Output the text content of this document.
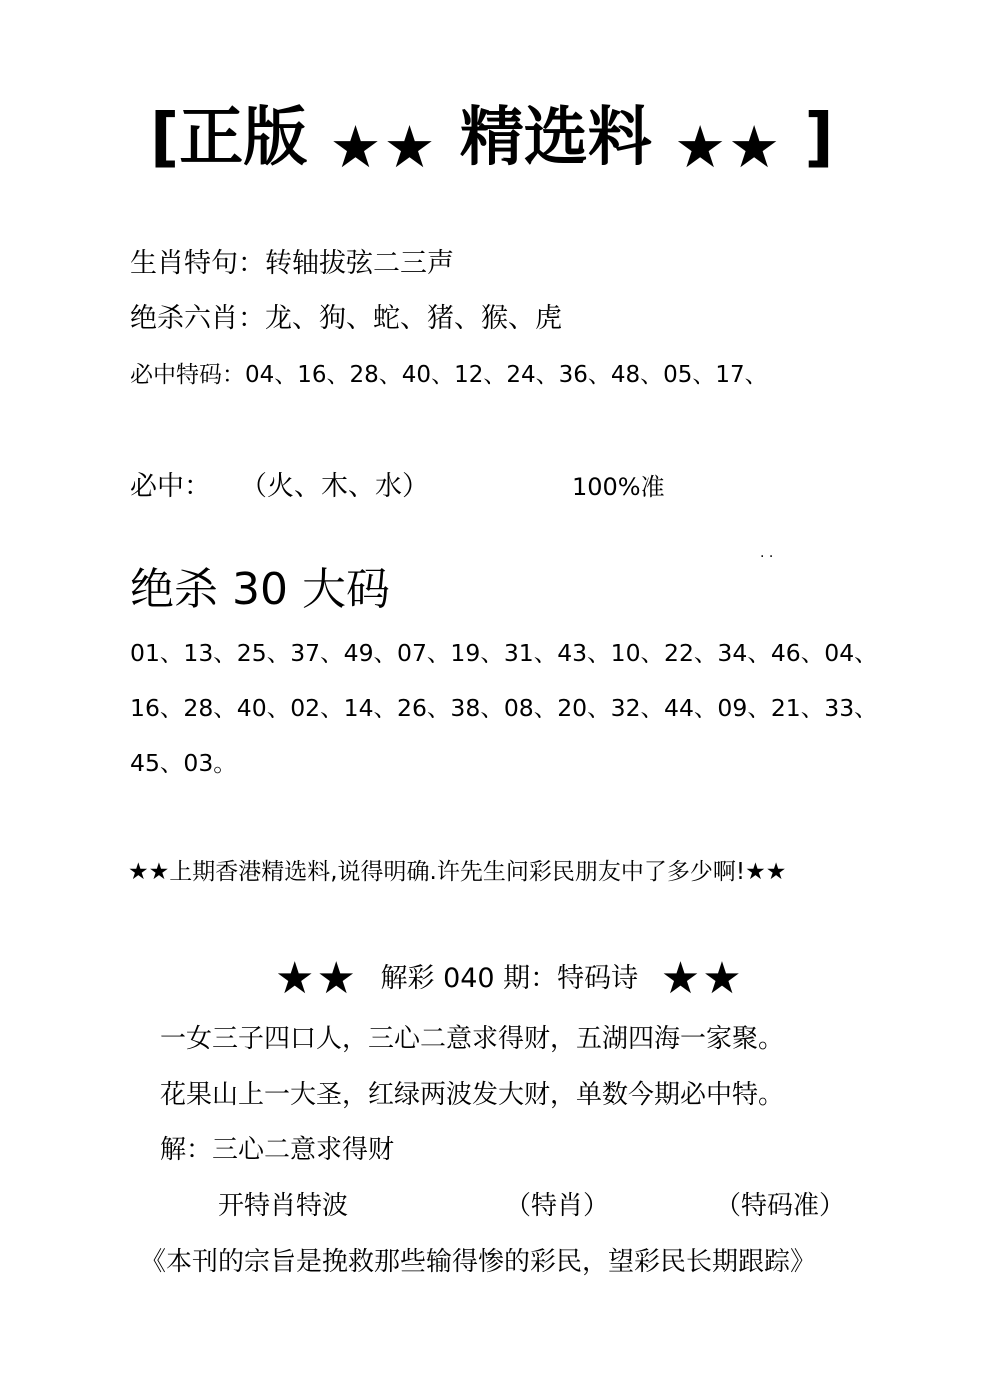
[正版 ★★ 精选料 ★★ ]
生肖特句：转轴拔弦二三声
绝杀六肖：龙、狗、蛇、猪、猴、虎
必中特码：04、16、28、40、12、24、36、48、05、17、
必中： （火、木、水）	100%准
. .
绝杀 30 大码
01、13、25、37、49、07、19、31、43、10、22、34、46、04、
16、28、40、02、14、26、38、08、20、32、44、09、21、33、
45、03。
★★上期香港精选料,说得明确.许先生问彩民朋友中了多少啊!★★
★★ 解彩 040 期：特码诗 ★★
一女三子四口人，三心二意求得财，五湖四海一家聚。
花果山上一大圣，红绿两波发大财，单数今期必中特。
解：三心二意求得财
开特肖特波	（特肖）	（特码准）
《本刊的宗旨是挽救那些输得惨的彩民，望彩民长期跟踪》
